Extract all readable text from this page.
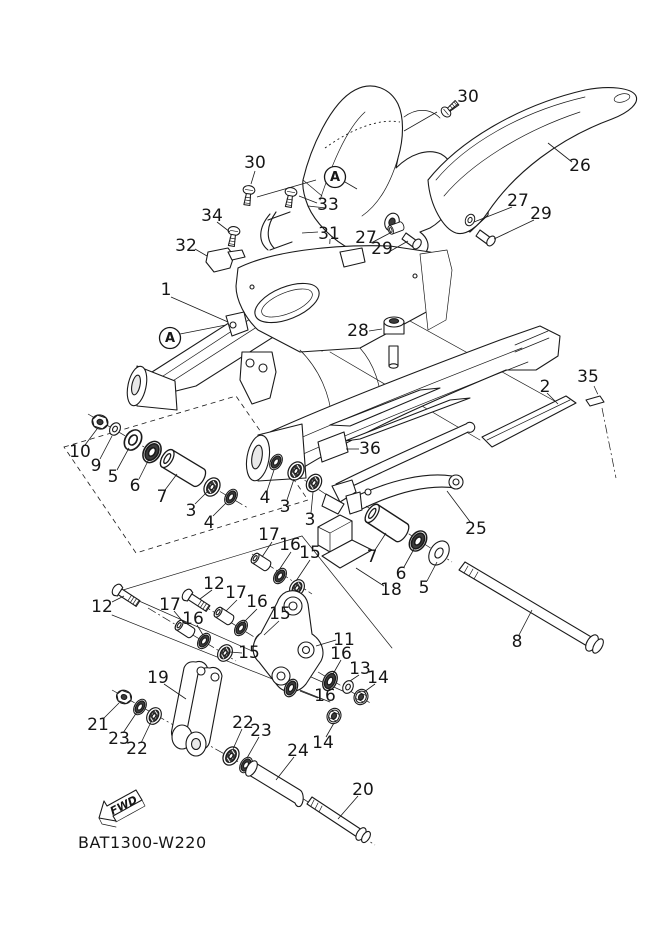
FWD
BAT1300-W220
A
A
30
26
30
33
31
34
32	27
29
27
29
1
28
2 35
36
10
9
5 6
7
3
4
4 3
3	25
7
6
5
18
8
17 16
15
12
12 17 16
15
17
16
15
19
11
16
13
14
16
14
21
23
22
22
23
24
20
